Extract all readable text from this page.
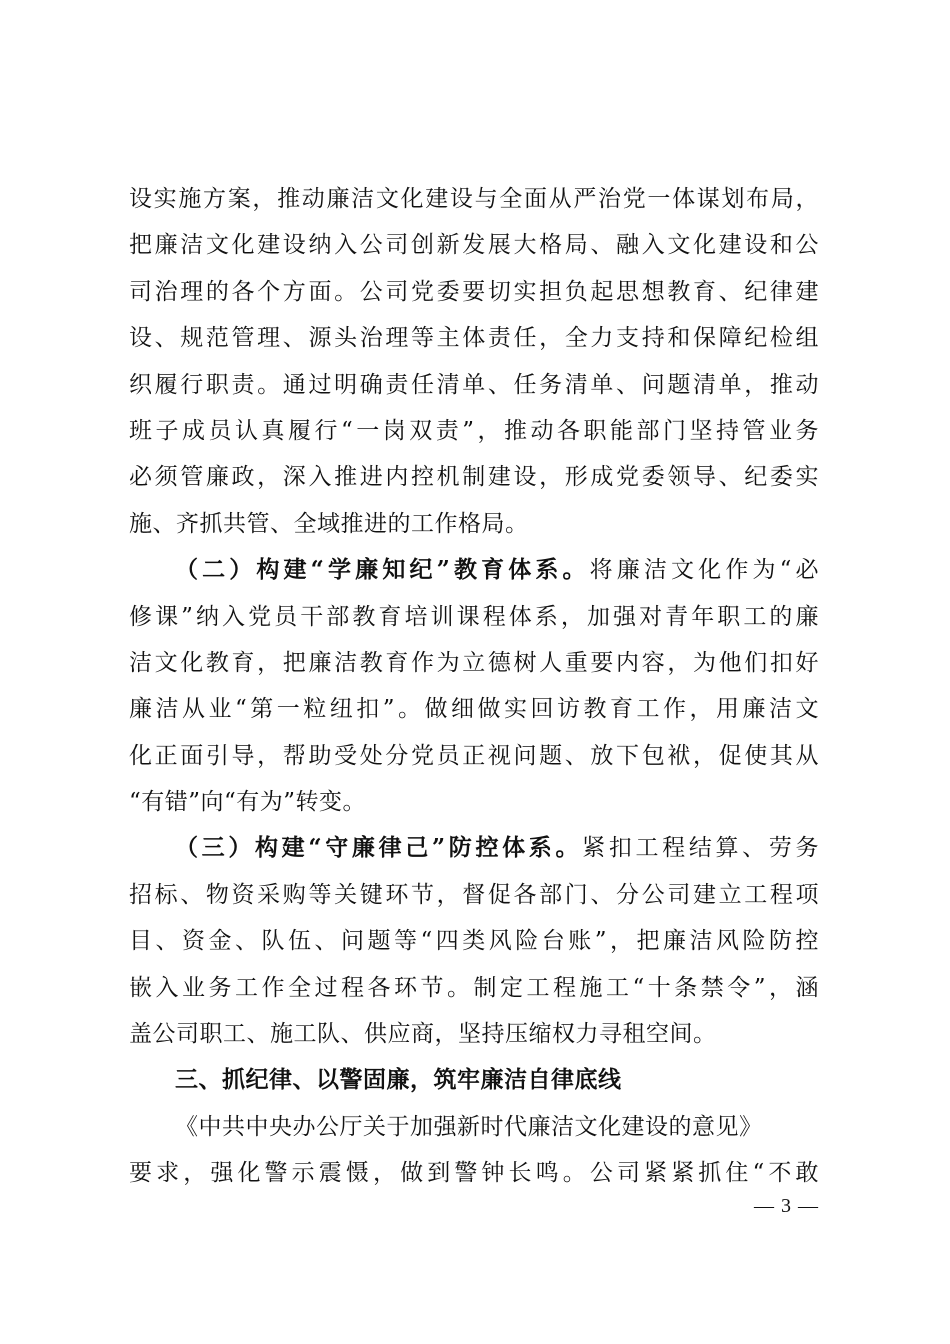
设实施方案，推动廉洁文化建设与全面从严治党一体谋划布局，
把廉洁文化建设纳入公司创新发展大格局、融入文化建设和公
司治理的各个方面。公司党委要切实担负起思想教育、纪律建
设、规范管理、源头治理等主体责任，全力支持和保障纪检组
织履行职责。通过明确责任清单、任务清单、问题清单，推动
班子成员认真履行“一岗双责”，推动各职能部门坚持管业务
必须管廉政，深入推进内控机制建设，形成党委领导、纪委实
施、齐抓共管、全域推进的工作格局。
（二）构建“学廉知纪”教育体系。将廉洁文化作为“必
修课”纳入党员干部教育培训课程体系，加强对青年职工的廉
洁文化教育，把廉洁教育作为立德树人重要内容，为他们扣好
廉洁从业“第一粒纽扣”。做细做实回访教育工作，用廉洁文
化正面引导，帮助受处分党员正视问题、放下包袱，促使其从
“有错”向“有为”转变。
（三）构建“守廉律己”防控体系。紧扣工程结算、劳务
招标、物资采购等关键环节，督促各部门、分公司建立工程项
目、资金、队伍、问题等“四类风险台账”，把廉洁风险防控
嵌入业务工作全过程各环节。制定工程施工“十条禁令”，涵
盖公司职工、施工队、供应商，坚持压缩权力寻租空间。
三、抓纪律、以警固廉，筑牢廉洁自律底线
《中共中央办公厅关于加强新时代廉洁文化建设的意见》
要求，强化警示震慑，做到警钟长鸣。公司紧紧抓住“不敢
— 3 —
